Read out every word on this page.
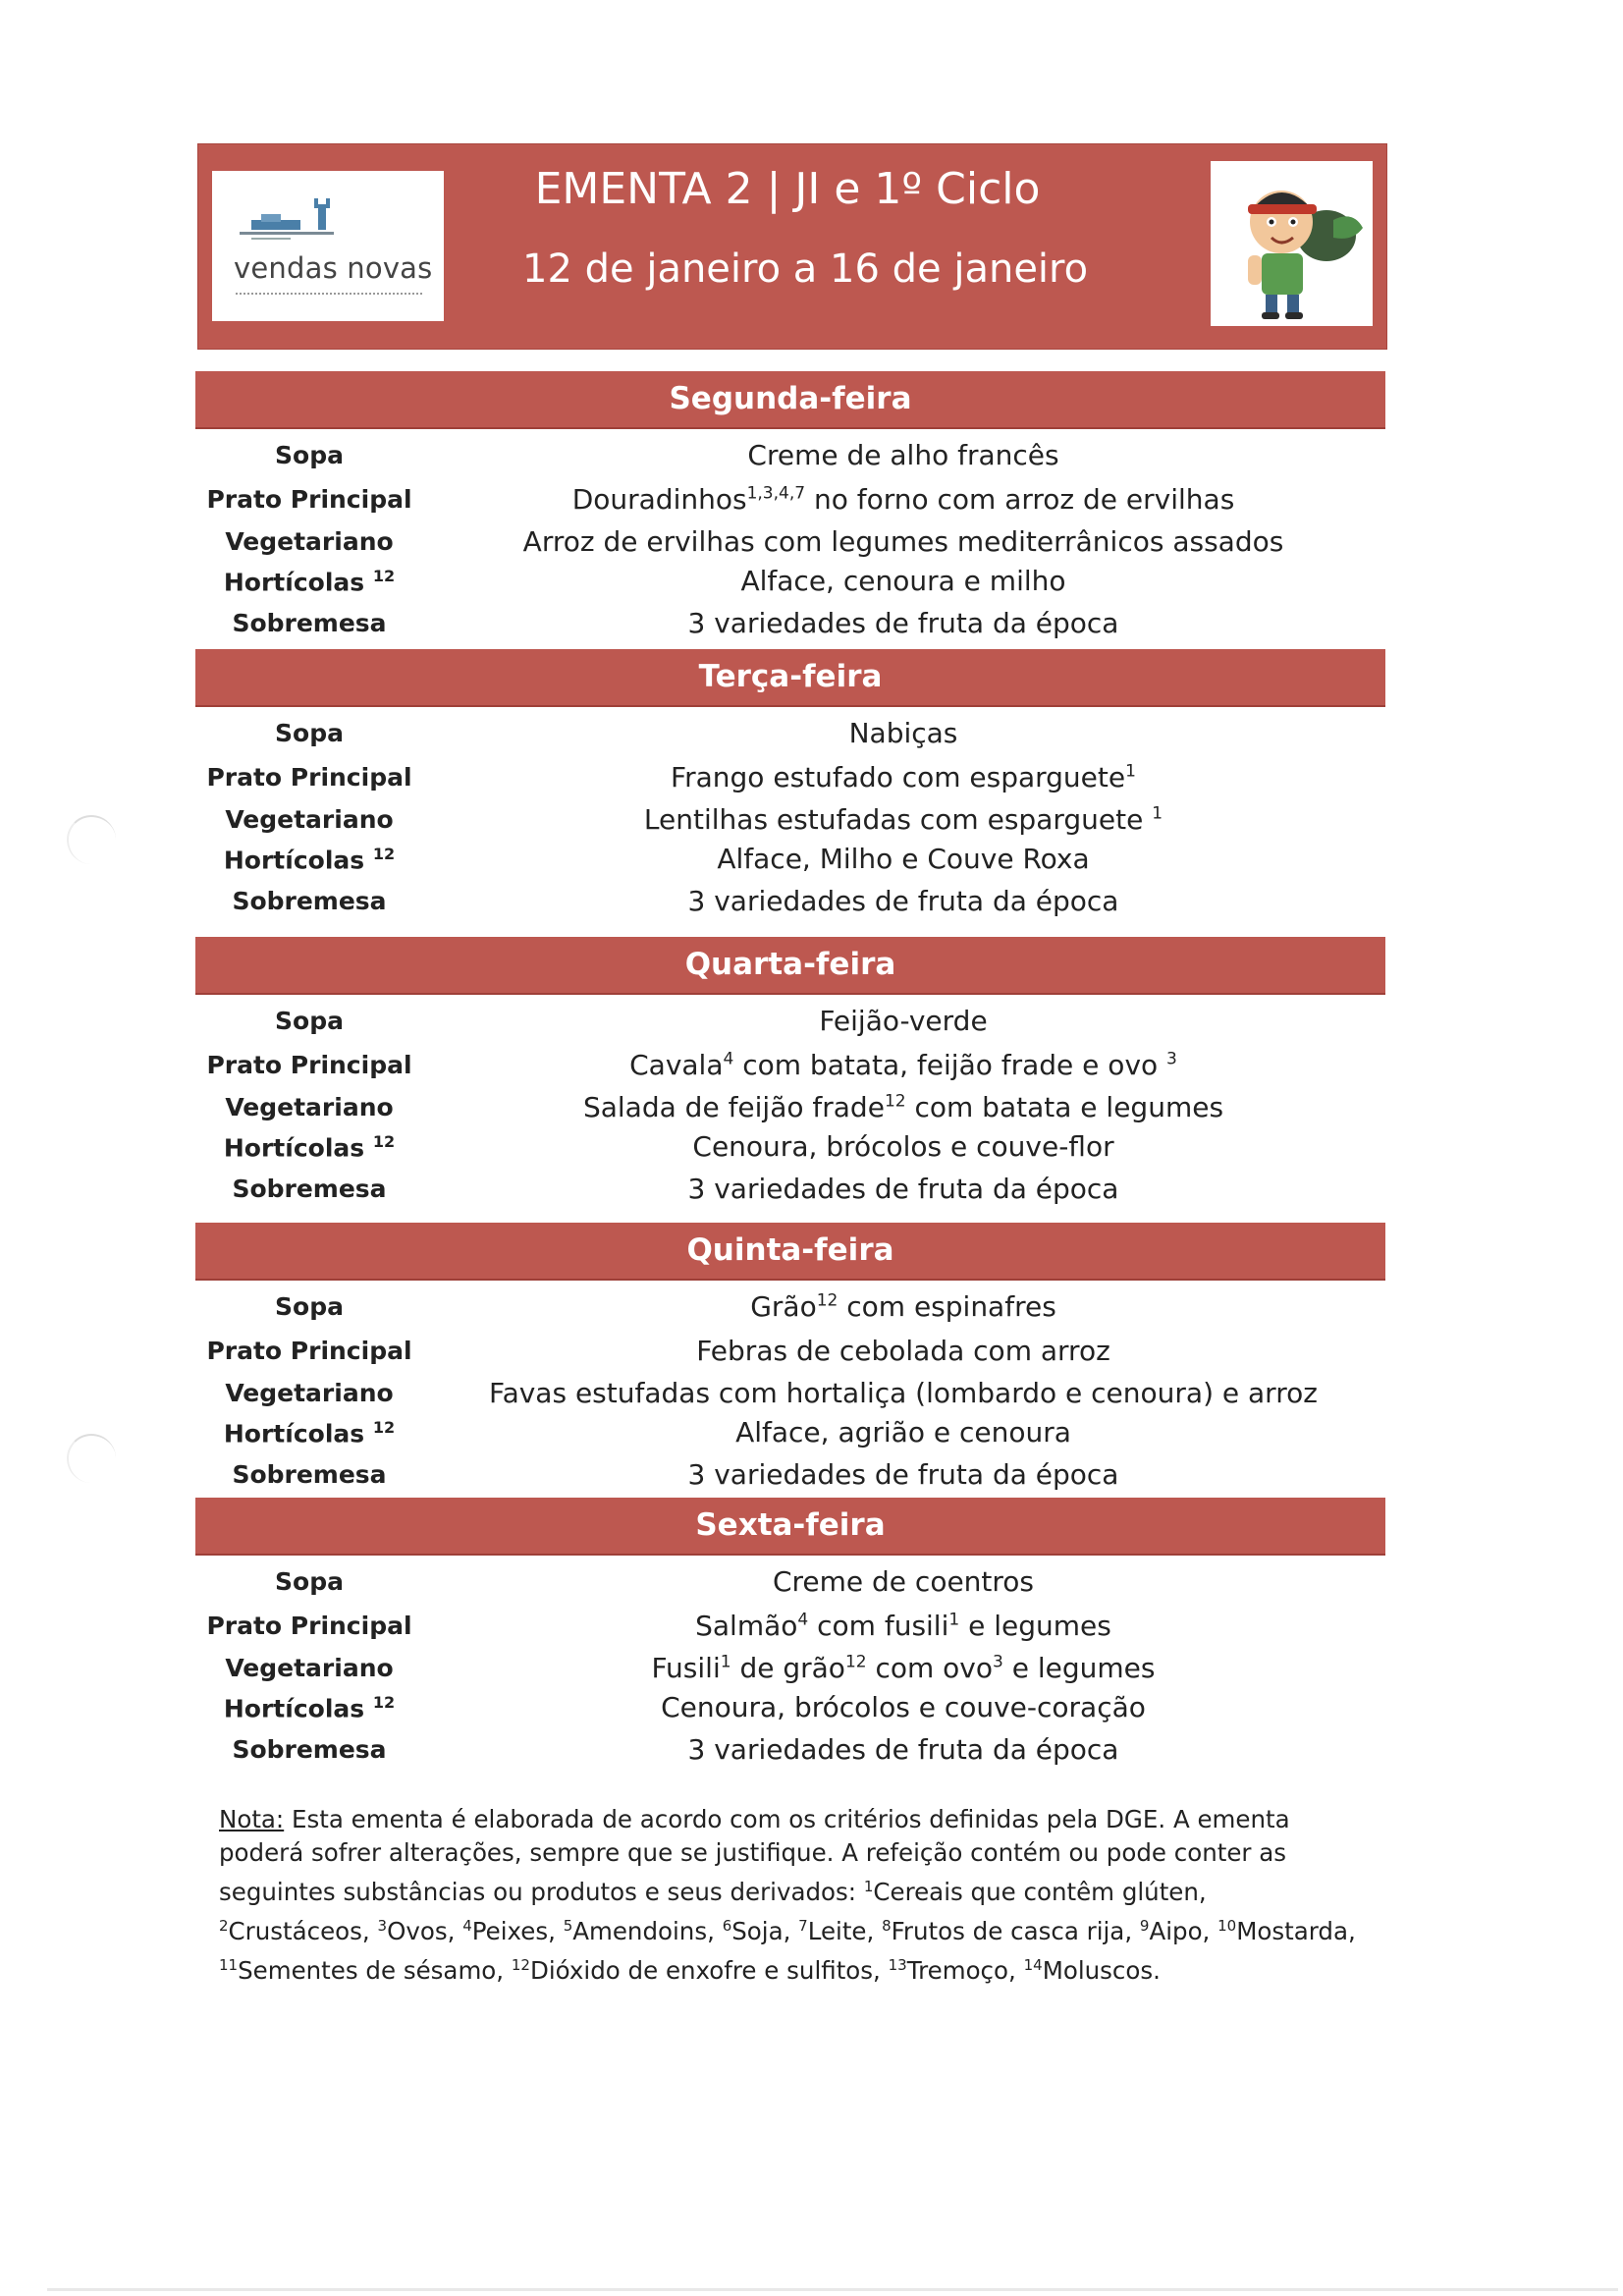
vendas novas
EMENTA 2 | JI e 1º Ciclo
12 de janeiro a 16 de janeiro
Segunda-feira
Sopa	Creme de alho francês
Prato Principal	Douradinhos$^{1,3,4,7}$ no forno com arroz de ervilhas
Vegetariano	Arroz de ervilhas com legumes mediterrânicos assados
Hortícolas $^{12}$	Alface, cenoura e milho
Sobremesa	3 variedades de fruta da época
Terça-feira
Sopa	Nabiças
Prato Principal	Frango estufado com esparguete$^1$
Vegetariano	Lentilhas estufadas com esparguete $^1$
Hortícolas $^{12}$	Alface, Milho e Couve Roxa
Sobremesa	3 variedades de fruta da época
Quarta-feira
Sopa	Feijão-verde
Prato Principal	Cavala$^4$ com batata, feijão frade e ovo $^3$
Vegetariano	Salada de feijão frade$^{12}$ com batata e legumes
Hortícolas $^{12}$	Cenoura, brócolos e couve-flor
Sobremesa	3 variedades de fruta da época
Quinta-feira
Sopa	Grão$^{12}$ com espinafres
Prato Principal	Febras de cebolada com arroz
Vegetariano	Favas estufadas com hortaliça (lombardo e cenoura) e arroz
Hortícolas $^{12}$	Alface, agrião e cenoura
Sobremesa	3 variedades de fruta da época
Sexta-feira
Sopa	Creme de coentros
Prato Principal	Salmão$^4$ com fusili$^1$ e legumes
Vegetariano	Fusili$^1$ de grão$^{12}$ com ovo$^3$ e legumes
Hortícolas $^{12}$	Cenoura, brócolos e couve-coração
Sobremesa	3 variedades de fruta da época
Nota: Esta ementa é elaborada de acordo com os critérios definidas pela DGE. A ementa poderá sofrer alterações, sempre que se justifique. A refeição contém ou pode conter as seguintes substâncias ou produtos e seus derivados: $^1$Cereais que contêm glúten, $^2$Crustáceos, $^3$Ovos, $^4$Peixes, $^5$Amendoins, $^6$Soja, $^7$Leite, $^8$Frutos de casca rija, $^9$Aipo, $^{10}$Mostarda, $^{11}$Sementes de sésamo, $^{12}$Dióxido de enxofre e sulfitos, $^{13}$Tremoço, $^{14}$Moluscos.
